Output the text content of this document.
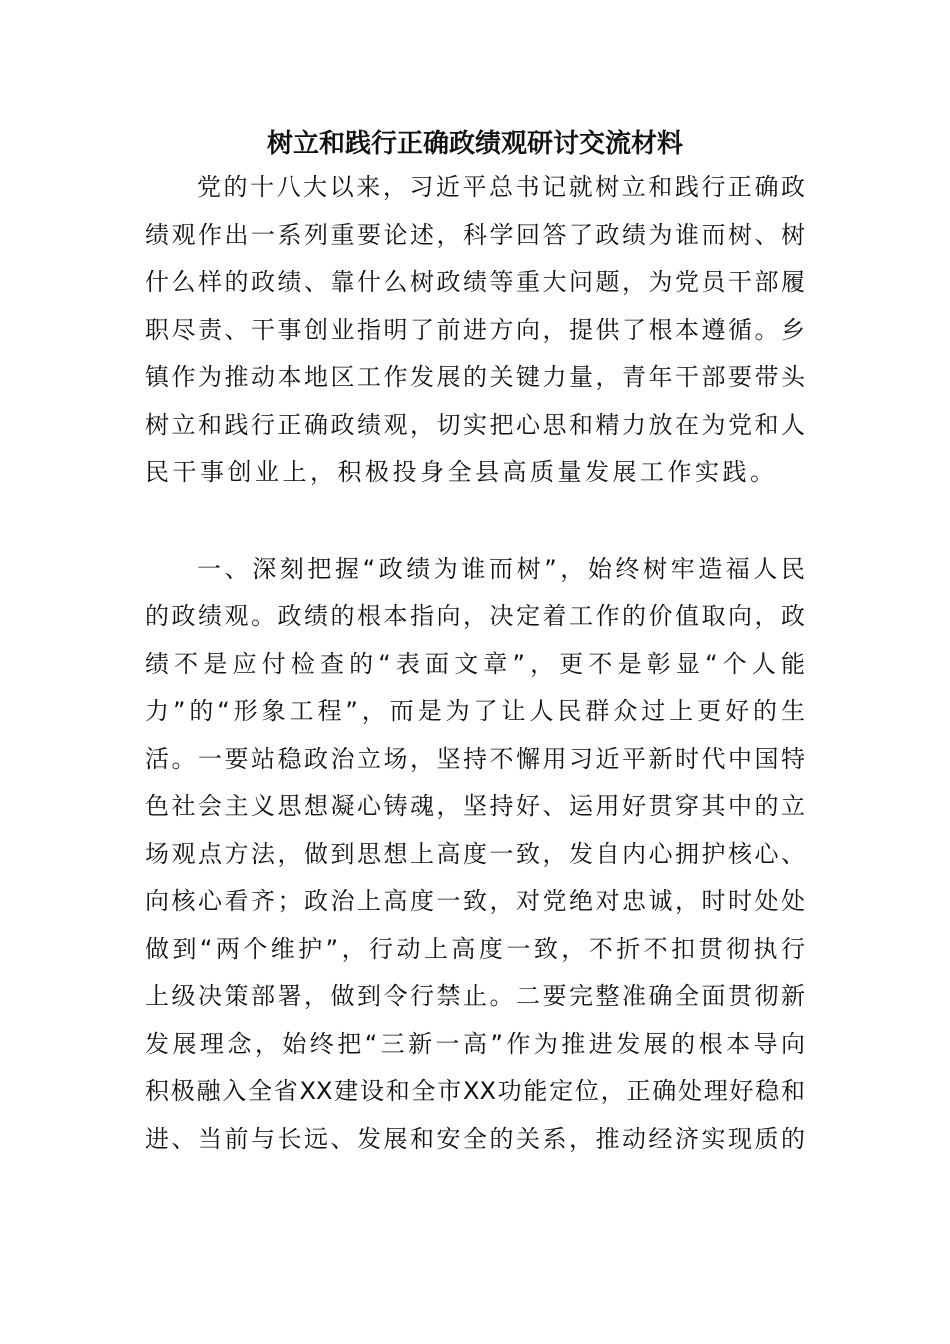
树立和践行正确政绩观研讨交流材料
党的十八大以来，习近平总书记就树立和践行正确政
绩观作出一系列重要论述，科学回答了政绩为谁而树、树
什么样的政绩、靠什么树政绩等重大问题，为党员干部履
职尽责、干事创业指明了前进方向，提供了根本遵循。乡
镇作为推动本地区工作发展的关键力量，青年干部要带头
树立和践行正确政绩观，切实把心思和精力放在为党和人
民干事创业上，积极投身全县高质量发展工作实践。
一、深刻把握“政绩为谁而树”，始终树牢造福人民
的政绩观。政绩的根本指向，决定着工作的价值取向，政
绩不是应付检查的“表面文章”，更不是彰显“个人能
力”的“形象工程”，而是为了让人民群众过上更好的生
活。一要站稳政治立场，坚持不懈用习近平新时代中国特
色社会主义思想凝心铸魂，坚持好、运用好贯穿其中的立
场观点方法，做到思想上高度一致，发自内心拥护核心、
向核心看齐；政治上高度一致，对党绝对忠诚，时时处处
做到“两个维护”，行动上高度一致，不折不扣贯彻执行
上级决策部署，做到令行禁止。二要完整准确全面贯彻新
发展理念，始终把“三新一高”作为推进发展的根本导向
积极融入全省XX建设和全市XX功能定位，正确处理好稳和
进、当前与长远、发展和安全的关系，推动经济实现质的
